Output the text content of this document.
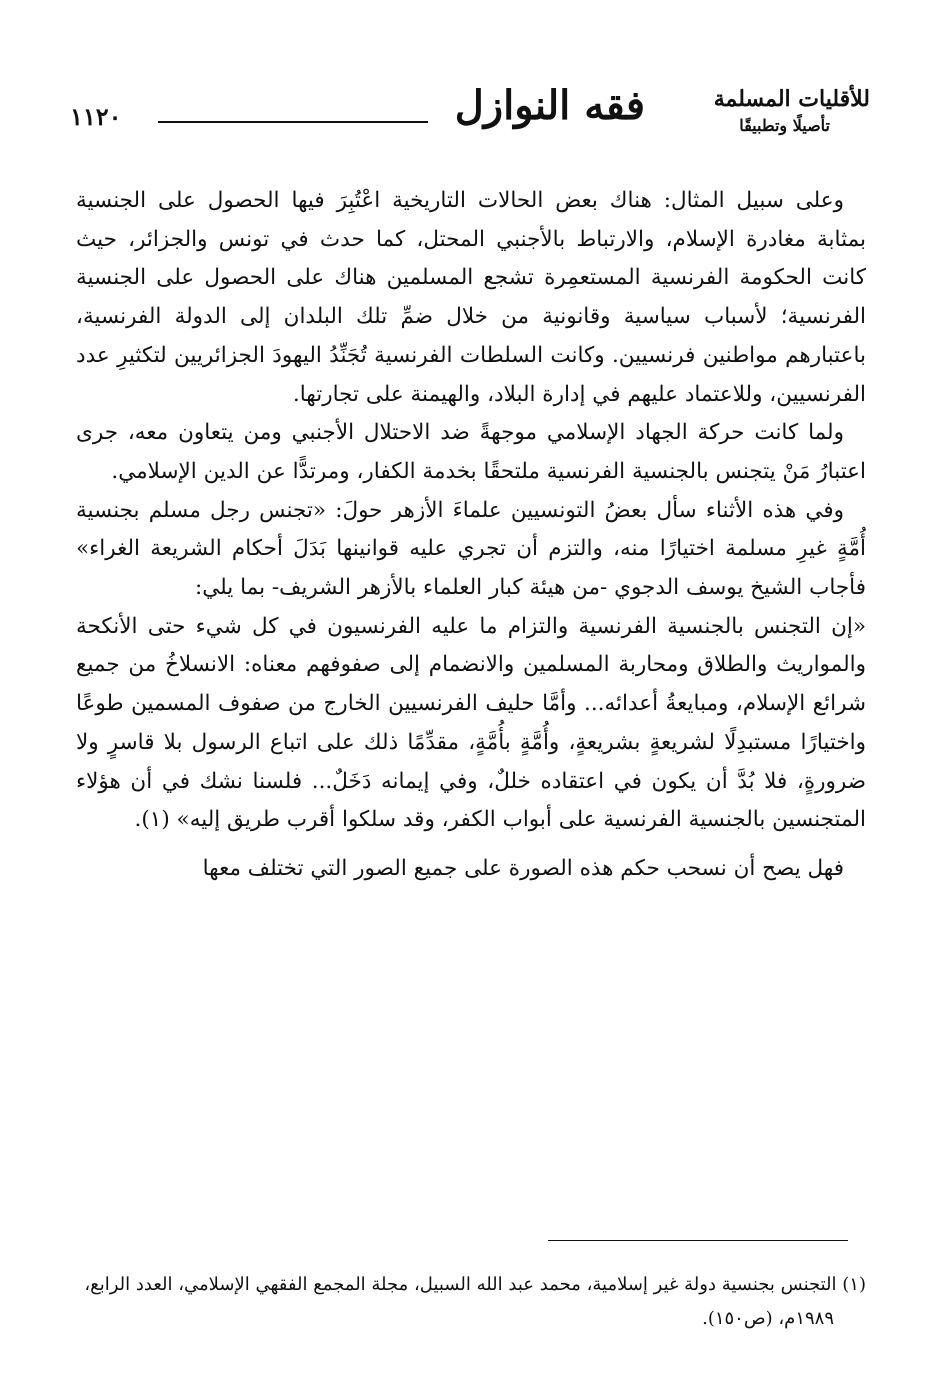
للأقليات المسلمة
تأصيلًا وتطبيقًا
فقه النوازل
١١٢٠

وعلى سبيل المثال: هناك بعض الحالات التاريخية اعْتُبِرَ فيها الحصول على الجنسية بمثابة مغادرة الإسلام، والارتباط بالأجنبي المحتل، كما حدث في تونس والجزائر، حيث كانت الحكومة الفرنسية المستعمِرة تشجع المسلمين هناك على الحصول على الجنسية الفرنسية؛ لأسباب سياسية وقانونية من خلال ضمِّ تلك البلدان إلى الدولة الفرنسية، باعتبارهم مواطنين فرنسيين. وكانت السلطات الفرنسية تُجَنِّدُ اليهودَ الجزائريين لتكثيرِ عدد الفرنسيين، وللاعتماد عليهم في إدارة البلاد، والهيمنة على تجارتها.

ولما كانت حركة الجهاد الإسلامي موجهةً ضد الاحتلال الأجنبي ومن يتعاون معه، جرى اعتبارُ مَنْ يتجنس بالجنسية الفرنسية ملتحقًا بخدمة الكفار، ومرتدًّا عن الدين الإسلامي.

وفي هذه الأثناء سأل بعضُ التونسيين علماءَ الأزهر حولَ: «تجنس رجل مسلم بجنسية أُمَّةٍ غيرِ مسلمة اختيارًا منه، والتزم أن تجري عليه قوانينها بَدَلَ أحكام الشريعة الغراء» فأجاب الشيخ يوسف الدجوي -من هيئة كبار العلماء بالأزهر الشريف- بما يلي:

«إن التجنس بالجنسية الفرنسية والتزام ما عليه الفرنسيون في كل شيء حتى الأنكحة والمواريث والطلاق ومحاربة المسلمين والانضمام إلى صفوفهم معناه: الانسلاخُ من جميع شرائع الإسلام، ومبايعةُ أعدائه... وأمَّا حليف الفرنسيين الخارج من صفوف المسمين طوعًا واختيارًا مستبدِلًا لشريعةٍ بشريعةٍ، وأُمَّةٍ بأُمَّةٍ، مقدِّمًا ذلك على اتباع الرسول بلا قاسرٍ ولا ضرورةٍ، فلا بُدَّ أن يكون في اعتقاده خللٌ، وفي إيمانه دَخَلٌ... فلسنا نشك في أن هؤلاء المتجنسين بالجنسية الفرنسية على أبواب الكفر، وقد سلكوا أقرب طريق إليه» (١).

فهل يصح أن نسحب حكم هذه الصورة على جميع الصور التي تختلف معها

(١) التجنس بجنسية دولة غير إسلامية، محمد عبد الله السبيل، مجلة المجمع الفقهي الإسلامي، العدد الرابع،

١٩٨٩م، (ص١٥٠).
